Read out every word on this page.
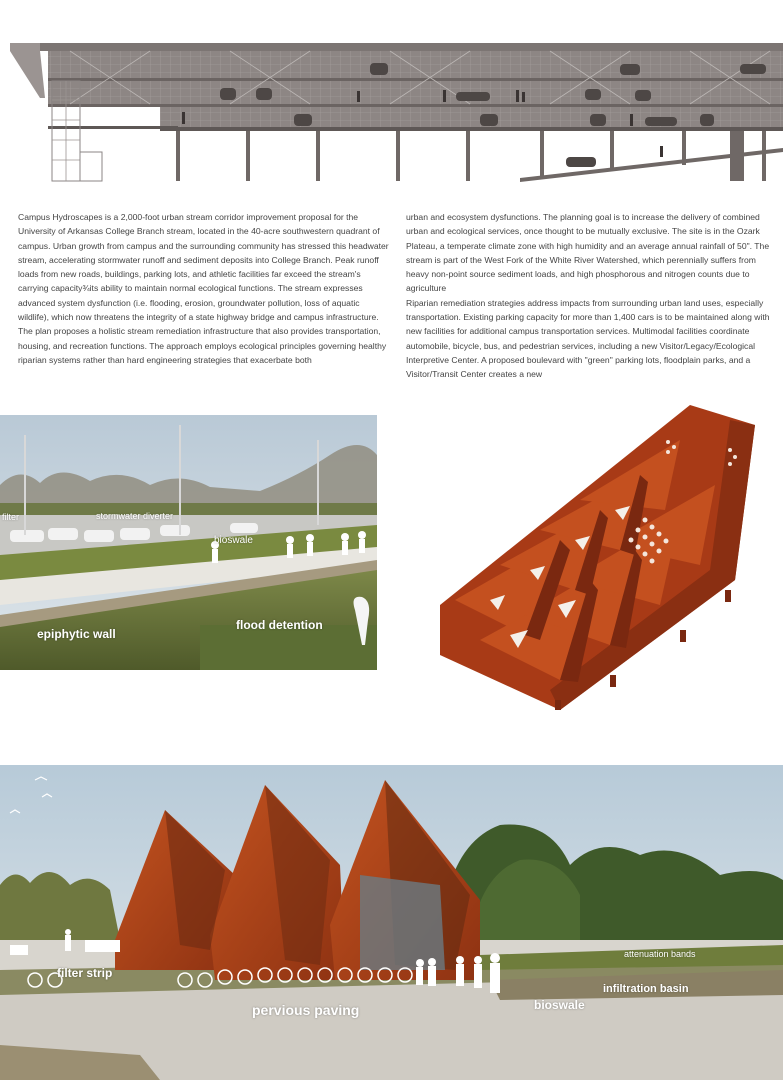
Campus Hydroscapes is a 2,000-foot urban stream corridor improvement proposal for the University of Arkansas College Branch stream, located in the 40-acre southwestern quadrant of campus. Urban growth from campus and the surrounding community has stressed this headwater stream, accelerating stormwater runoff and sediment deposits into College Branch. Peak runoff loads from new roads, buildings, parking lots, and athletic facilities far exceed the stream's carrying capacity¾its ability to maintain normal ecological functions. The stream expresses advanced system dysfunction (i.e. flooding, erosion, groundwater pollution, loss of aquatic wildlife), which now threatens the integrity of a state highway bridge and campus infrastructure. The plan proposes a holistic stream remediation infrastructure that also provides transportation, housing, and recreation functions. The approach employs ecological principles governing healthy riparian systems rather than hard engineering strategies that exacerbate both

urban and ecosystem dysfunctions. The planning goal is to increase the delivery of combined urban and ecological services, once thought to be mutually exclusive. The site is in the Ozark Plateau, a temperate climate zone with high humidity and an average annual rainfall of 50". The stream is part of the West Fork of the White River Watershed, which perennially suffers from heavy non-point source sediment loads, and high phosphorous and nitrogen counts due to agriculture

Riparian remediation strategies address impacts from surrounding urban land uses, especially transportation. Existing parking capacity for more than 1,400 cars is to be maintained along with new facilities for additional campus transportation services. Multimodal facilities coordinate automobile, bicycle, bus, and pedestrian services, including a new Visitor/Legacy/Ecological Interpretive Center. A proposed boulevard with "green" parking lots, floodplain parks, and a Visitor/Transit Center creates a new

filter	stormwater diverter
bioswale
epiphytic wall
flood detention
filter strip
pervious paving	bioswale
attenuation bands
infiltration basin
